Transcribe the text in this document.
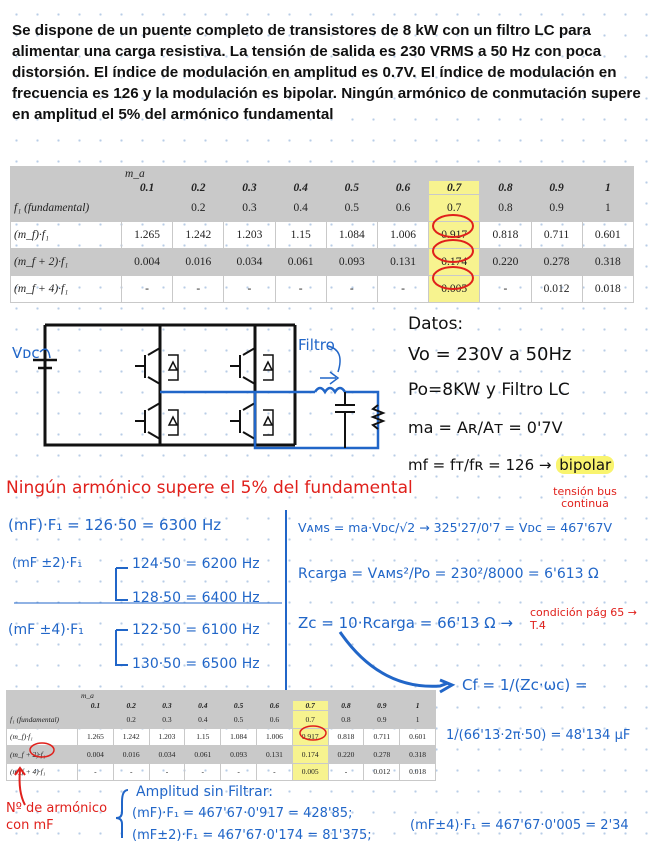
Se dispone de un puente completo de transistores de 8 kW con un filtro LC para alimentar una carga resistiva. La tensión de salida es 230 VRMS a 50 Hz con poca distorsión. El índice de modulación en amplitud es 0.7V. El índice de modulación en frecuencia es 126 y la modulación es bipolar. Ningún armónico de conmutación supere en amplitud el 5% del armónico fundamental
	m_a									
	0.1	0.2	0.3	0.4	0.5	0.6	0.7	0.8	0.9	1
f₁ (fundamental)		0.2	0.3	0.4	0.5	0.6	0.7	0.8	0.9	1
(m_f)·f₁	1.265	1.242	1.203	1.15	1.084	1.006	0.917	0.818	0.711	0.601
(m_f + 2)·f₁	0.004	0.016	0.034	0.061	0.093	0.131	0.174	0.220	0.278	0.318
(m_f + 4)·f₁	-	-	-	-	-	-	0.005	-	0.012	0.018
	m_a									
	0.1	0.2	0.3	0.4	0.5	0.6	0.7	0.8	0.9	1
f₁ (fundamental)		0.2	0.3	0.4	0.5	0.6	0.7	0.8	0.9	1
(m_f)·f₁	1.265	1.242	1.203	1.15	1.084	1.006	0.917	0.818	0.711	0.601
(m_f + 2)·f₁	0.004	0.016	0.034	0.061	0.093	0.131	0.174	0.220	0.278	0.318
(m_f + 4)·f₁	-	-	-	-	-	-	0.005	-	0.012	0.018
Vᴅᴄ	Filtro
Datos:
Vo = 230V a 50Hz
Po=8KW y Filtro LC
ma = Aʀ/Aᴛ = 0'7V
mf = fᴛ/fʀ = 126 → bipolar
Ningún armónico supere el 5% del fundamental
(mF)·F₁ = 126·50 = 6300 Hz
(mF ±2)·F₁	124·50 = 6200 Hz
128·50 = 6400 Hz
(mF ±4)·F₁	122·50 = 6100 Hz
130·50 = 6500 Hz
tensión bus continua
Vᴀᴍs = ma·Vᴅᴄ/√2 → 325'27/0'7 = Vᴅᴄ = 467'67V
Rcarga = Vᴀᴍs²/Po = 230²/8000 = 6'613 Ω
Zc = 10·Rcarga = 66'13 Ω →
condición pág 65 → T.4
Cf = 1/(Zc·ωc) =
1/(66'13·2π·50) = 48'134 μF
Nº de armónico con mF
Amplitud sin Filtrar:
(mF)·F₁ = 467'67·0'917 = 428'85;
(mF±2)·F₁ = 467'67·0'174 = 81'375;
(mF±4)·F₁ = 467'67·0'005 = 2'34
